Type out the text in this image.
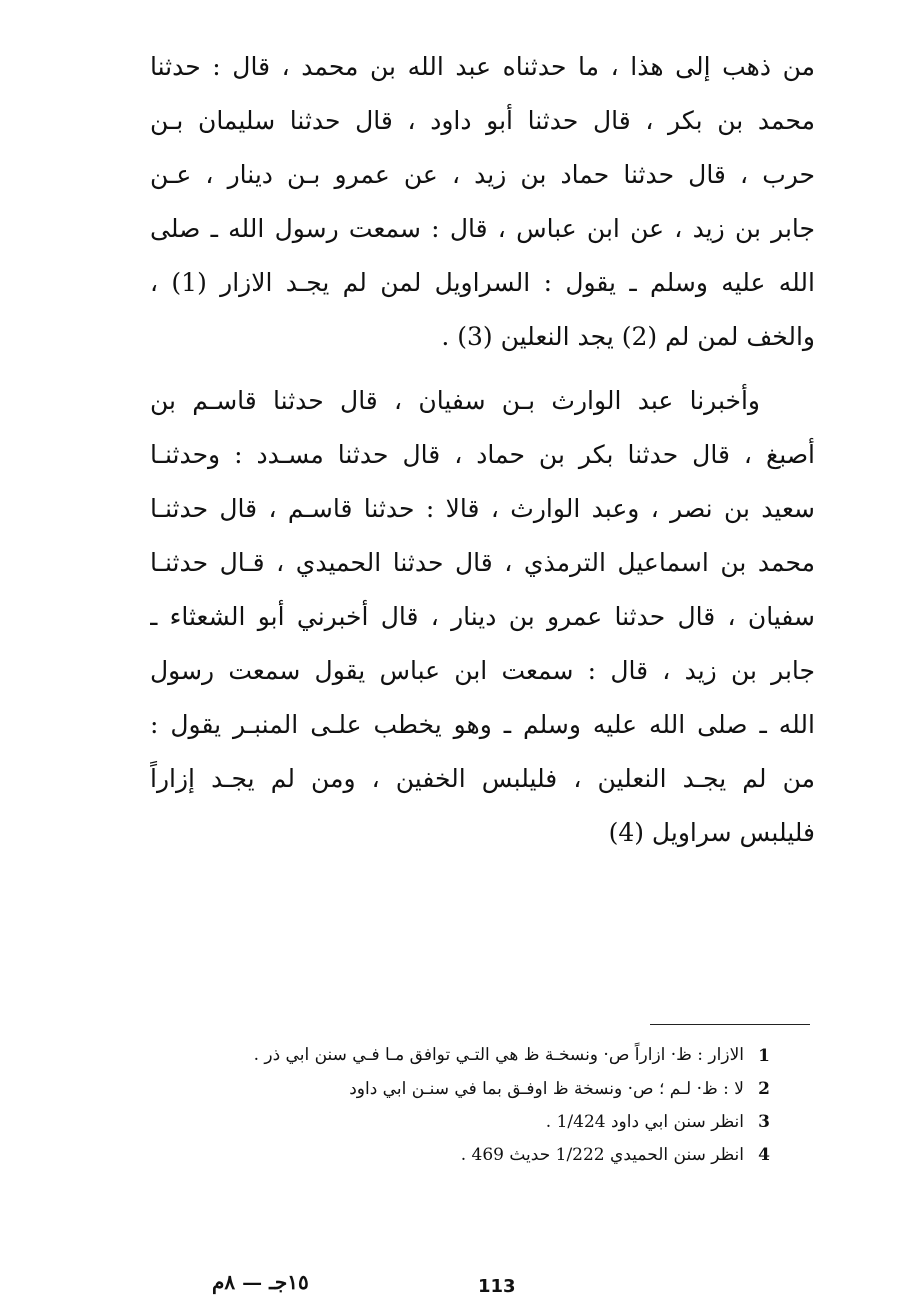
من ذهب إلى هذا ، ما حدثناه عبد الله بن محمد ، قال : حدثنا
محمد بن بكر ، قال حدثنا أبو داود ، قال حدثنا سليمان بـن
حرب ، قال حدثنا حماد بن زيد ، عن عمرو بـن دينار ، عـن
جابر بن زيد ، عن ابن عباس ، قال : سمعت رسول الله ـ صلى
الله عليه وسلم ـ يقول : السراويل لمن لم يجـد الازار (1) ،
والخف لمن لم (2) يجد النعلين (3) .
وأخبرنا عبد الوارث بـن سفيان ، قال حدثنا قاسـم بن
أصبغ ، قال حدثنا بكر بن حماد ، قال حدثنا مسـدد : وحدثنـا
سعيد بن نصر ، وعبد الوارث ، قالا : حدثنا قاسـم ، قال حدثنـا
محمد بن اسماعيل الترمذي ، قال حدثنا الحميدي ، قـال حدثنـا
سفيان ، قال حدثنا عمرو بن دينار ، قال أخبرني أبو الشعثاء ـ
جابر بن زيد ، قال : سمعت ابن عباس يقول سمعت رسول
الله ـ صلى الله عليه وسلم ـ وهو يخطب علـى المنبـر يقول :
من لم يجـد النعلين ، فليلبس الخفين ، ومن لم يجـد إزاراً
فليلبس سراويل (4)
1
الازار : ظ· ازاراً ص· ونسخـة ظ هي التـي توافق مـا فـي سنن ابي ذر .
2
لا : ظ· لـم ؛ ص· ونسخة ظ اوفـق بما في سنـن ابي داود
3
انظر سنن ابي داود 1/424 .
4
انظر سنن الحميدي 1/222 حديث 469 .
١٥جـ — ٨م	113
